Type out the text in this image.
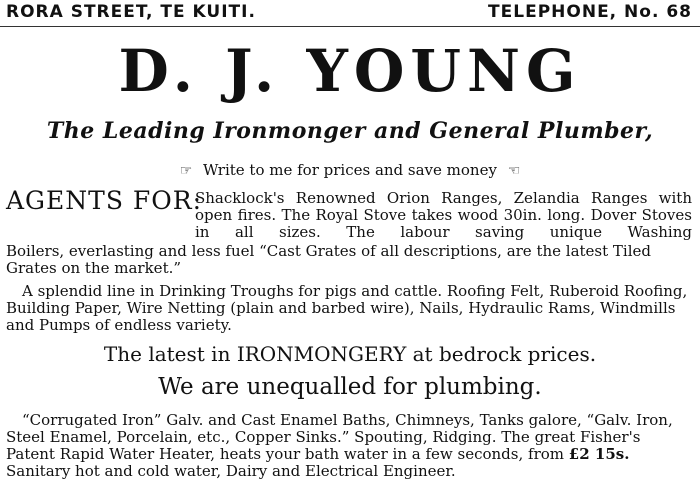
RORA STREET, TE KUITI.	TELEPHONE, No. 68
D. J. YOUNG
The Leading Ironmonger and General Plumber,
☞ Write to me for prices and save money ☜
AGENTS FOR:
Shacklock's Renowned Orion Ranges, Zelandia Ranges with open fires. The Royal Stove takes wood 30in. long. Dover Stoves in all sizes. The labour saving unique Washing
Boilers, everlasting and less fuel “Cast Grates of all descriptions, are the latest Tiled Grates on the market.”
A splendid line in Drinking Troughs for pigs and cattle. Roofing Felt, Ruberoid Roofing, Building Paper, Wire Netting (plain and barbed wire), Nails, Hydraulic Rams, Windmills and Pumps of endless variety.
The latest in IRONMONGERY at bedrock prices.
We are unequalled for plumbing.
“Corrugated Iron” Galv. and Cast Enamel Baths, Chimneys, Tanks galore, “Galv. Iron, Steel Enamel, Porcelain, etc., Copper Sinks.” Spouting, Ridging. The great Fisher's Patent Rapid Water Heater, heats your bath water in a few seconds, from £2 15s. Sanitary hot and cold water, Dairy and Electrical Engineer.
